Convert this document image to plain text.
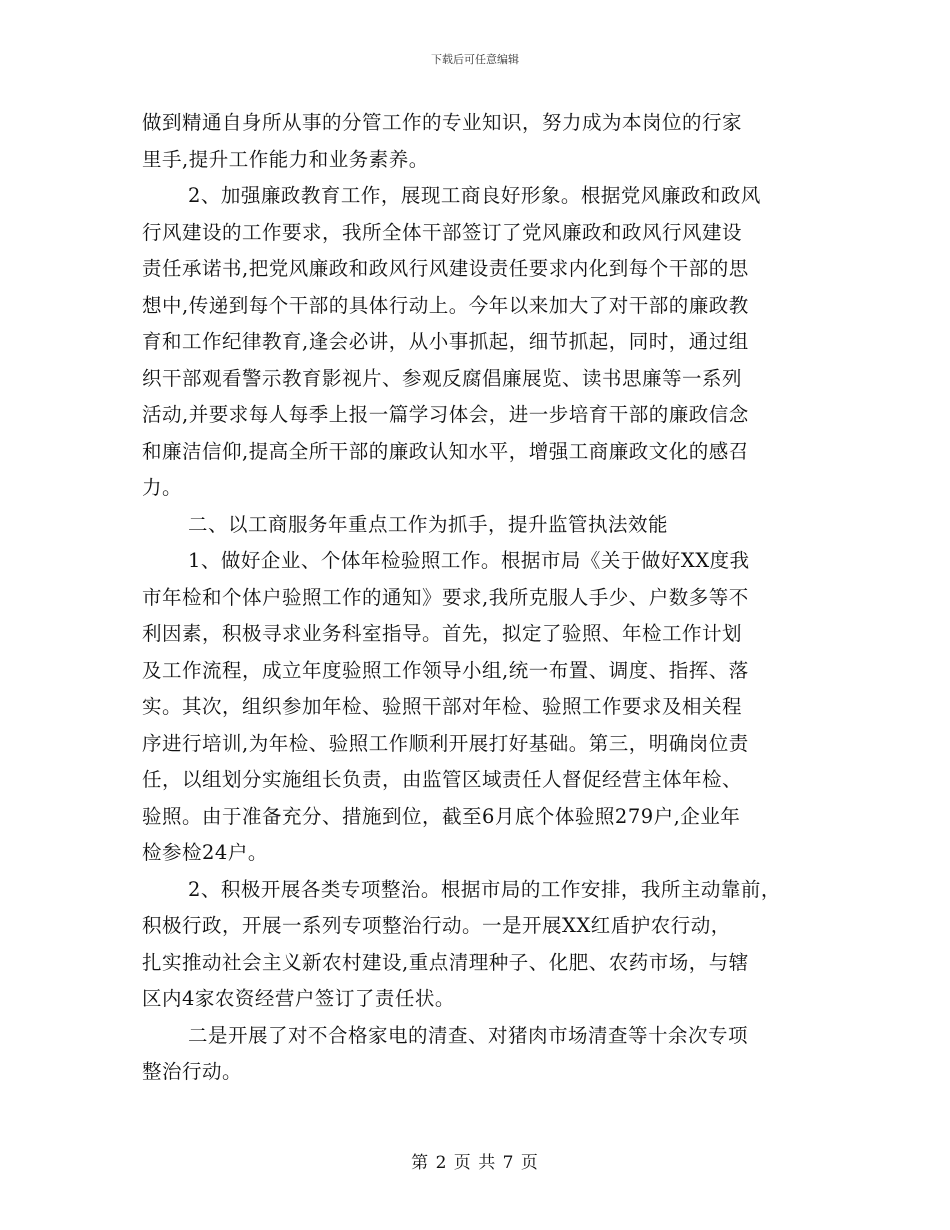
下载后可任意编辑
做到精通自身所从事的分管工作的专业知识，努力成为本岗位的行家
里手,提升工作能力和业务素养。
2、加强廉政教育工作，展现工商良好形象。根据党风廉政和政风
行风建设的工作要求，我所全体干部签订了党风廉政和政风行风建设
责任承诺书,把党风廉政和政风行风建设责任要求内化到每个干部的思
想中,传递到每个干部的具体行动上。今年以来加大了对干部的廉政教
育和工作纪律教育,逢会必讲，从小事抓起，细节抓起，同时，通过组
织干部观看警示教育影视片、参观反腐倡廉展览、读书思廉等一系列
活动,并要求每人每季上报一篇学习体会，进一步培育干部的廉政信念
和廉洁信仰,提高全所干部的廉政认知水平，增强工商廉政文化的感召
力。
二、以工商服务年重点工作为抓手，提升监管执法效能
1、做好企业、个体年检验照工作。根据市局《关于做好XX度我
市年检和个体户验照工作的通知》要求,我所克服人手少、户数多等不
利因素，积极寻求业务科室指导。首先，拟定了验照、年检工作计划
及工作流程，成立年度验照工作领导小组,统一布置、调度、指挥、落
实。其次，组织参加年检、验照干部对年检、验照工作要求及相关程
序进行培训,为年检、验照工作顺利开展打好基础。第三，明确岗位责
任，以组划分实施组长负责，由监管区域责任人督促经营主体年检、
验照。由于准备充分、措施到位，截至6月底个体验照279户,企业年
检参检24户。
2、积极开展各类专项整治。根据市局的工作安排，我所主动靠前，
积极行政，开展一系列专项整治行动。一是开展XX红盾护农行动，
扎实推动社会主义新农村建设,重点清理种子、化肥、农药市场，与辖
区内4家农资经营户签订了责任状。
二是开展了对不合格家电的清查、对猪肉市场清查等十余次专项
整治行动。
第 2 页 共 7 页
